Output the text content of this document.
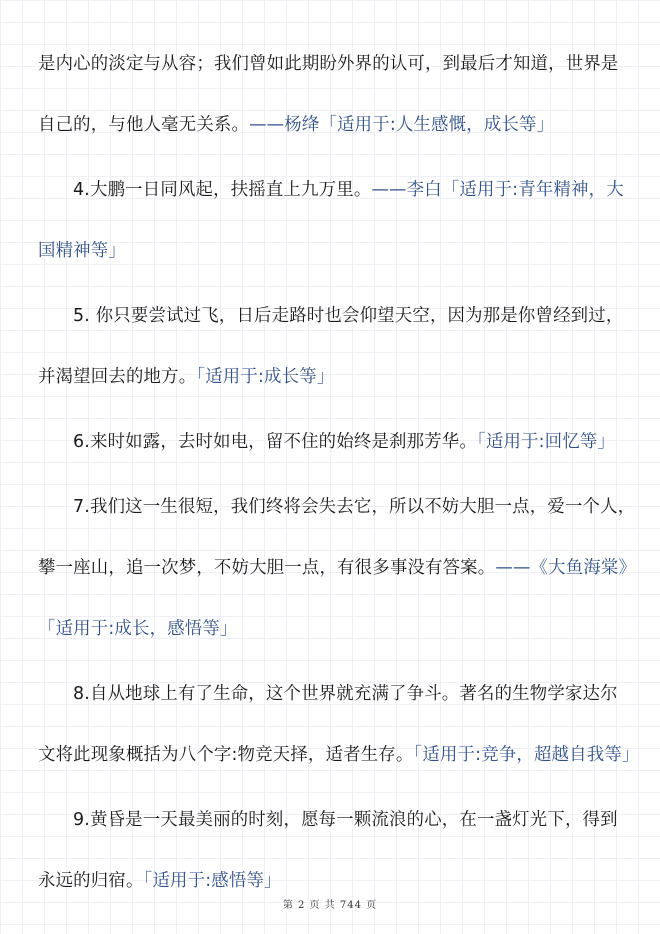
是内心的淡定与从容；我们曾如此期盼外界的认可，到最后才知道，世界是
自己的，与他人毫无关系。——杨绛「适用于:人生感慨，成长等」
4.大鹏一日同风起，扶摇直上九万里。——李白「适用于:青年精神，大
国精神等」
5. 你只要尝试过飞，日后走路时也会仰望天空，因为那是你曾经到过，
并渴望回去的地方。「适用于:成长等」
6.来时如露，去时如电，留不住的始终是刹那芳华。「适用于:回忆等」
7.我们这一生很短，我们终将会失去它，所以不妨大胆一点，爱一个人，
攀一座山，追一次梦，不妨大胆一点，有很多事没有答案。——《大鱼海棠》
「适用于:成长，感悟等」
8.自从地球上有了生命，这个世界就充满了争斗。著名的生物学家达尔
文将此现象概括为八个字:物竞天择，适者生存。「适用于:竞争，超越自我等」
9.黄昏是一天最美丽的时刻，愿每一颗流浪的心，在一盏灯光下，得到
永远的归宿。「适用于:感悟等」
第 2 页 共 744 页
